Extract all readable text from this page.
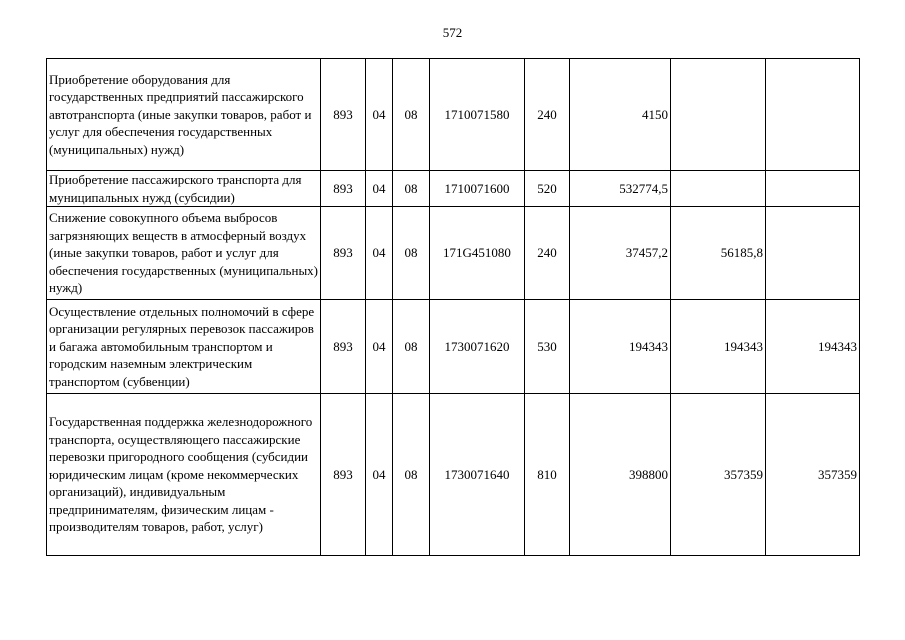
572
Приобретение оборудования для государственных предприятий пассажирского автотранспорта (иные закупки товаров, работ и услуг для обеспечения государственных (муниципальных) нужд)	893	04	08	1710071580	240	4150		
Приобретение пассажирского транспорта для муниципальных нужд (субсидии)	893	04	08	1710071600	520	532774,5		
Снижение совокупного объема выбросов загрязняющих веществ в атмосферный воздух (иные закупки товаров, работ и услуг для обеспечения государственных (муниципальных) нужд)	893	04	08	171G451080	240	37457,2	56185,8	
Осуществление отдельных полномочий в сфере организации регулярных перевозок пассажиров и багажа автомобильным транспортом и городским наземным электрическим транспортом (субвенции)	893	04	08	1730071620	530	194343	194343	194343
Государственная поддержка железнодорожного транспорта, осуществляющего пассажирские перевозки пригородного сообщения (субсидии юридическим лицам (кроме некоммерческих организаций), индивидуальным предпринимателям, физическим лицам - производителям товаров, работ, услуг)	893	04	08	1730071640	810	398800	357359	357359
